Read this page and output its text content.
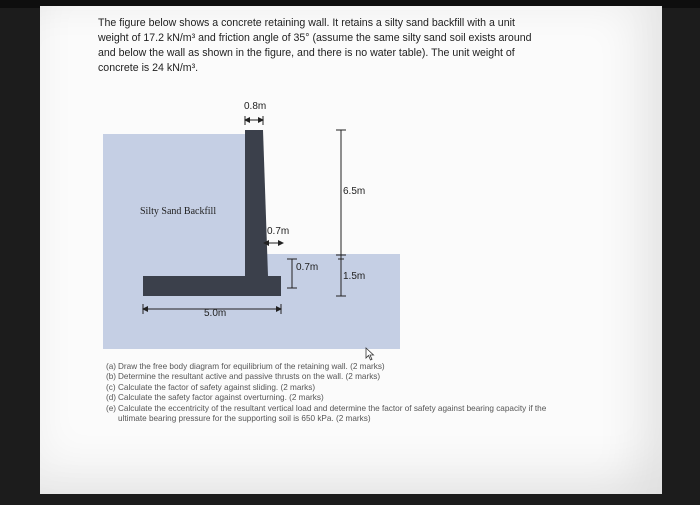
The figure below shows a concrete retaining wall. It retains a silty sand backfill with a unit weight of 17.2 kN/m³ and friction angle of 35° (assume the same silty sand soil exists around and below the wall as shown in the figure, and there is no water table). The unit weight of concrete is 24 kN/m³.

0.8m
Silty Sand Backfill
0.7m
0.7m
6.5m
1.5m
5.0m
(a) Draw the free body diagram for equilibrium of the retaining wall. (2 marks)
(b) Determine the resultant active and passive thrusts on the wall. (2 marks)
(c) Calculate the factor of safety against sliding. (2 marks)
(d) Calculate the safety factor against overturning. (2 marks)
(e) Calculate the eccentricity of the resultant vertical load and determine the factor of safety against bearing capacity if the ultimate bearing pressure for the supporting soil is 650 kPa. (2 marks)
